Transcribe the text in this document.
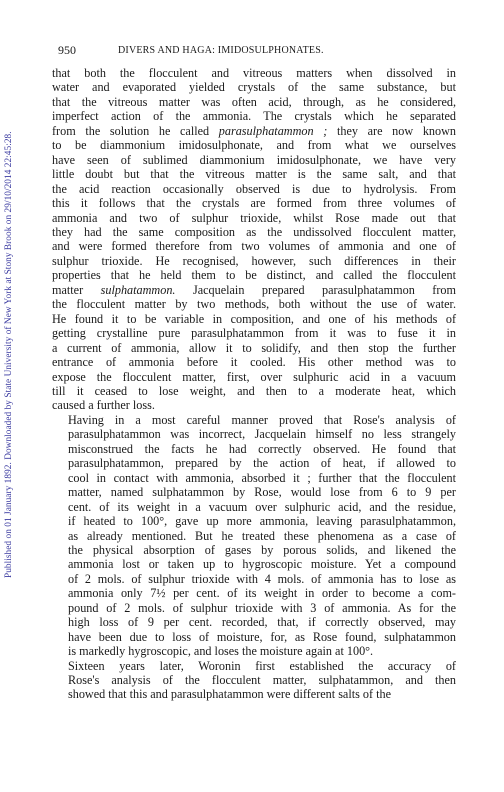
Published on 01 January 1892. Downloaded by State University of New York at Stony Brook on 29/10/2014 22:45:28.
950	DIVERS AND HAGA: IMIDOSULPHONATES.

that both the flocculent and vitreous matters when dissolved in
water and evaporated yielded crystals of the same substance, but
that the vitreous matter was often acid, through, as he considered,
imperfect action of the ammonia. The crystals which he separated
from the solution he called parasulphatammon ; they are now known
to be diammonium imidosulphonate, and from what we ourselves
have seen of sublimed diammonium imidosulphonate, we have very
little doubt but that the vitreous matter is the same salt, and that
the acid reaction occasionally observed is due to hydrolysis. From
this it follows that the crystals are formed from three volumes of
ammonia and two of sulphur trioxide, whilst Rose made out that
they had the same composition as the undissolved flocculent matter,
and were formed therefore from two volumes of ammonia and one of
sulphur trioxide. He recognised, however, such differences in their
properties that he held them to be distinct, and called the flocculent
matter sulphatammon. Jacquelain prepared parasulphatammon from
the flocculent matter by two methods, both without the use of water.
He found it to be variable in composition, and one of his methods of
getting crystalline pure parasulphatammon from it was to fuse it in
a current of ammonia, allow it to solidify, and then stop the further
entrance of ammonia before it cooled. His other method was to
expose the flocculent matter, first, over sulphuric acid in a vacuum
till it ceased to lose weight, and then to a moderate heat, which
caused a further loss.

Having in a most careful manner proved that Rose's analysis of
parasulphatammon was incorrect, Jacquelain himself no less strangely
misconstrued the facts he had correctly observed. He found that
parasulphatammon, prepared by the action of heat, if allowed to
cool in contact with ammonia, absorbed it ; further that the flocculent
matter, named sulphatammon by Rose, would lose from 6 to 9 per
cent. of its weight in a vacuum over sulphuric acid, and the residue,
if heated to 100°, gave up more ammonia, leaving parasulphatammon,
as already mentioned. But he treated these phenomena as a case of
the physical absorption of gases by porous solids, and likened the
ammonia lost or taken up to hygroscopic moisture. Yet a compound
of 2 mols. of sulphur trioxide with 4 mols. of ammonia has to lose as
ammonia only 7½ per cent. of its weight in order to become a com-
pound of 2 mols. of sulphur trioxide with 3 of ammonia. As for the
high loss of 9 per cent. recorded, that, if correctly observed, may
have been due to loss of moisture, for, as Rose found, sulphatammon
is markedly hygroscopic, and loses the moisture again at 100°.

Sixteen years later, Woronin first established the accuracy of
Rose's analysis of the flocculent matter, sulphatammon, and then
showed that this and parasulphatammon were different salts of the
